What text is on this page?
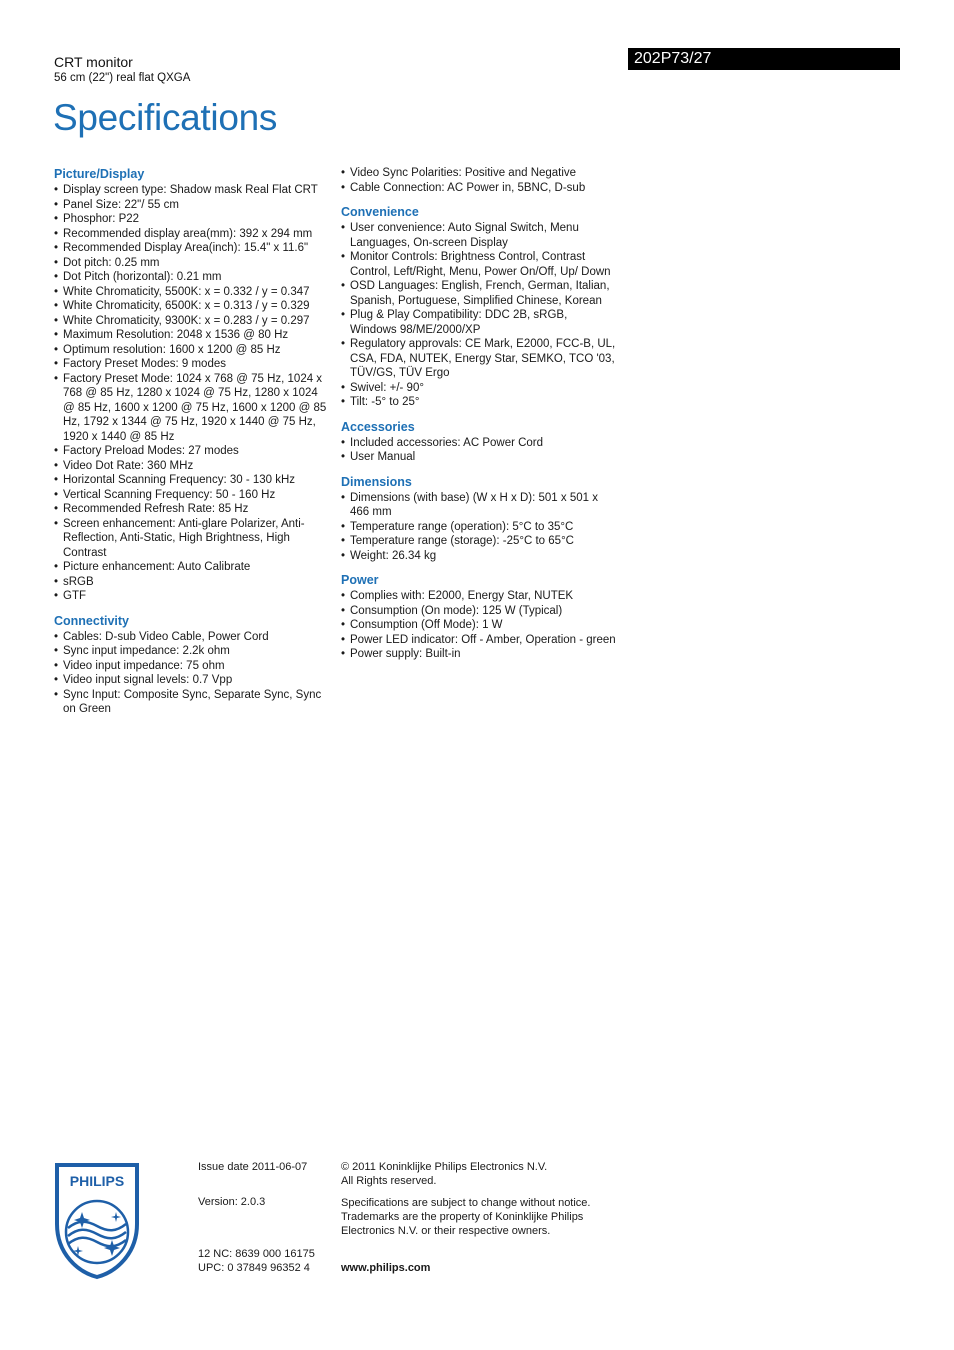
CRT monitor
56 cm (22") real flat QXGA
Specifications
202P73/27
Picture/Display
• Display screen type: Shadow mask Real Flat CRT
• Panel Size: 22"/ 55 cm
• Phosphor: P22
• Recommended display area(mm): 392 x 294 mm
• Recommended Display Area(inch): 15.4" x 11.6"
• Dot pitch: 0.25 mm
• Dot Pitch (horizontal): 0.21 mm
• White Chromaticity, 5500K: x = 0.332 / y = 0.347
• White Chromaticity, 6500K: x = 0.313 / y = 0.329
• White Chromaticity, 9300K: x = 0.283 / y = 0.297
• Maximum Resolution: 2048 x 1536 @ 80 Hz
• Optimum resolution: 1600 x 1200 @ 85 Hz
• Factory Preset Modes: 9 modes
• Factory Preset Mode: 1024 x 768 @ 75 Hz, 1024 x 768 @ 85 Hz, 1280 x 1024 @ 75 Hz, 1280 x 1024 @ 85 Hz, 1600 x 1200 @ 75 Hz, 1600 x 1200 @ 85 Hz, 1792 x 1344 @ 75 Hz, 1920 x 1440 @ 75 Hz, 1920 x 1440 @ 85 Hz
• Factory Preload Modes: 27 modes
• Video Dot Rate: 360 MHz
• Horizontal Scanning Frequency: 30 - 130 kHz
• Vertical Scanning Frequency: 50 - 160 Hz
• Recommended Refresh Rate: 85 Hz
• Screen enhancement: Anti-glare Polarizer, Anti-Reflection, Anti-Static, High Brightness, High Contrast
• Picture enhancement: Auto Calibrate
• sRGB
• GTF
Connectivity
• Cables: D-sub Video Cable, Power Cord
• Sync input impedance: 2.2k ohm
• Video input impedance: 75 ohm
• Video input signal levels: 0.7 Vpp
• Sync Input: Composite Sync, Separate Sync, Sync on Green
• Video Sync Polarities: Positive and Negative
• Cable Connection: AC Power in, 5BNC, D-sub
Convenience
• User convenience: Auto Signal Switch, Menu Languages, On-screen Display
• Monitor Controls: Brightness Control, Contrast Control, Left/Right, Menu, Power On/Off, Up/ Down
• OSD Languages: English, French, German, Italian, Spanish, Portuguese, Simplified Chinese, Korean
• Plug & Play Compatibility: DDC 2B, sRGB, Windows 98/ME/2000/XP
• Regulatory approvals: CE Mark, E2000, FCC-B, UL, CSA, FDA, NUTEK, Energy Star, SEMKO, TCO '03, TÜV/GS, TÜV Ergo
• Swivel: +/- 90°
• Tilt: -5° to 25°
Accessories
• Included accessories: AC Power Cord
• User Manual
Dimensions
• Dimensions (with base) (W x H x D): 501 x 501 x 466 mm
• Temperature range (operation): 5°C to 35°C
• Temperature range (storage): -25°C to 65°C
• Weight: 26.34 kg
Power
• Complies with: E2000, Energy Star, NUTEK
• Consumption (On mode): 125 W (Typical)
• Consumption (Off Mode): 1 W
• Power LED indicator: Off - Amber, Operation - green
• Power supply: Built-in
PHILIPS
Issue date 2011-06-07
Version: 2.0.3
12 NC: 8639 000 16175
UPC: 0 37849 96352 4
© 2011 Koninklijke Philips Electronics N.V.
All Rights reserved.
Specifications are subject to change without notice.
Trademarks are the property of Koninklijke Philips
Electronics N.V. or their respective owners.
www.philips.com
